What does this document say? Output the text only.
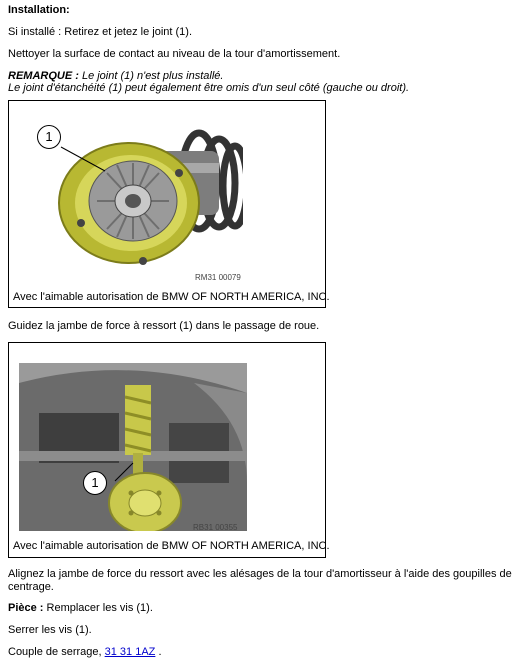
Installation:
Si installé : Retirez et jetez le joint (1).
Nettoyer la surface de contact au niveau de la tour d'amortissement.
REMARQUE : Le joint (1) n'est plus installé.
Le joint d'étanchéité (1) peut également être omis d'un seul côté (gauche ou droit).
1
RM31 00079
Avec l'aimable autorisation de BMW OF NORTH AMERICA, INC.
Guidez la jambe de force à ressort (1) dans le passage de roue.
1
RB31 00355
Avec l'aimable autorisation de BMW OF NORTH AMERICA, INC.
Alignez la jambe de force du ressort avec les alésages de la tour d'amortisseur à l'aide des goupilles de
centrage.
Pièce : Remplacer les vis (1).
Serrer les vis (1).
Couple de serrage, 31 31 1AZ .
